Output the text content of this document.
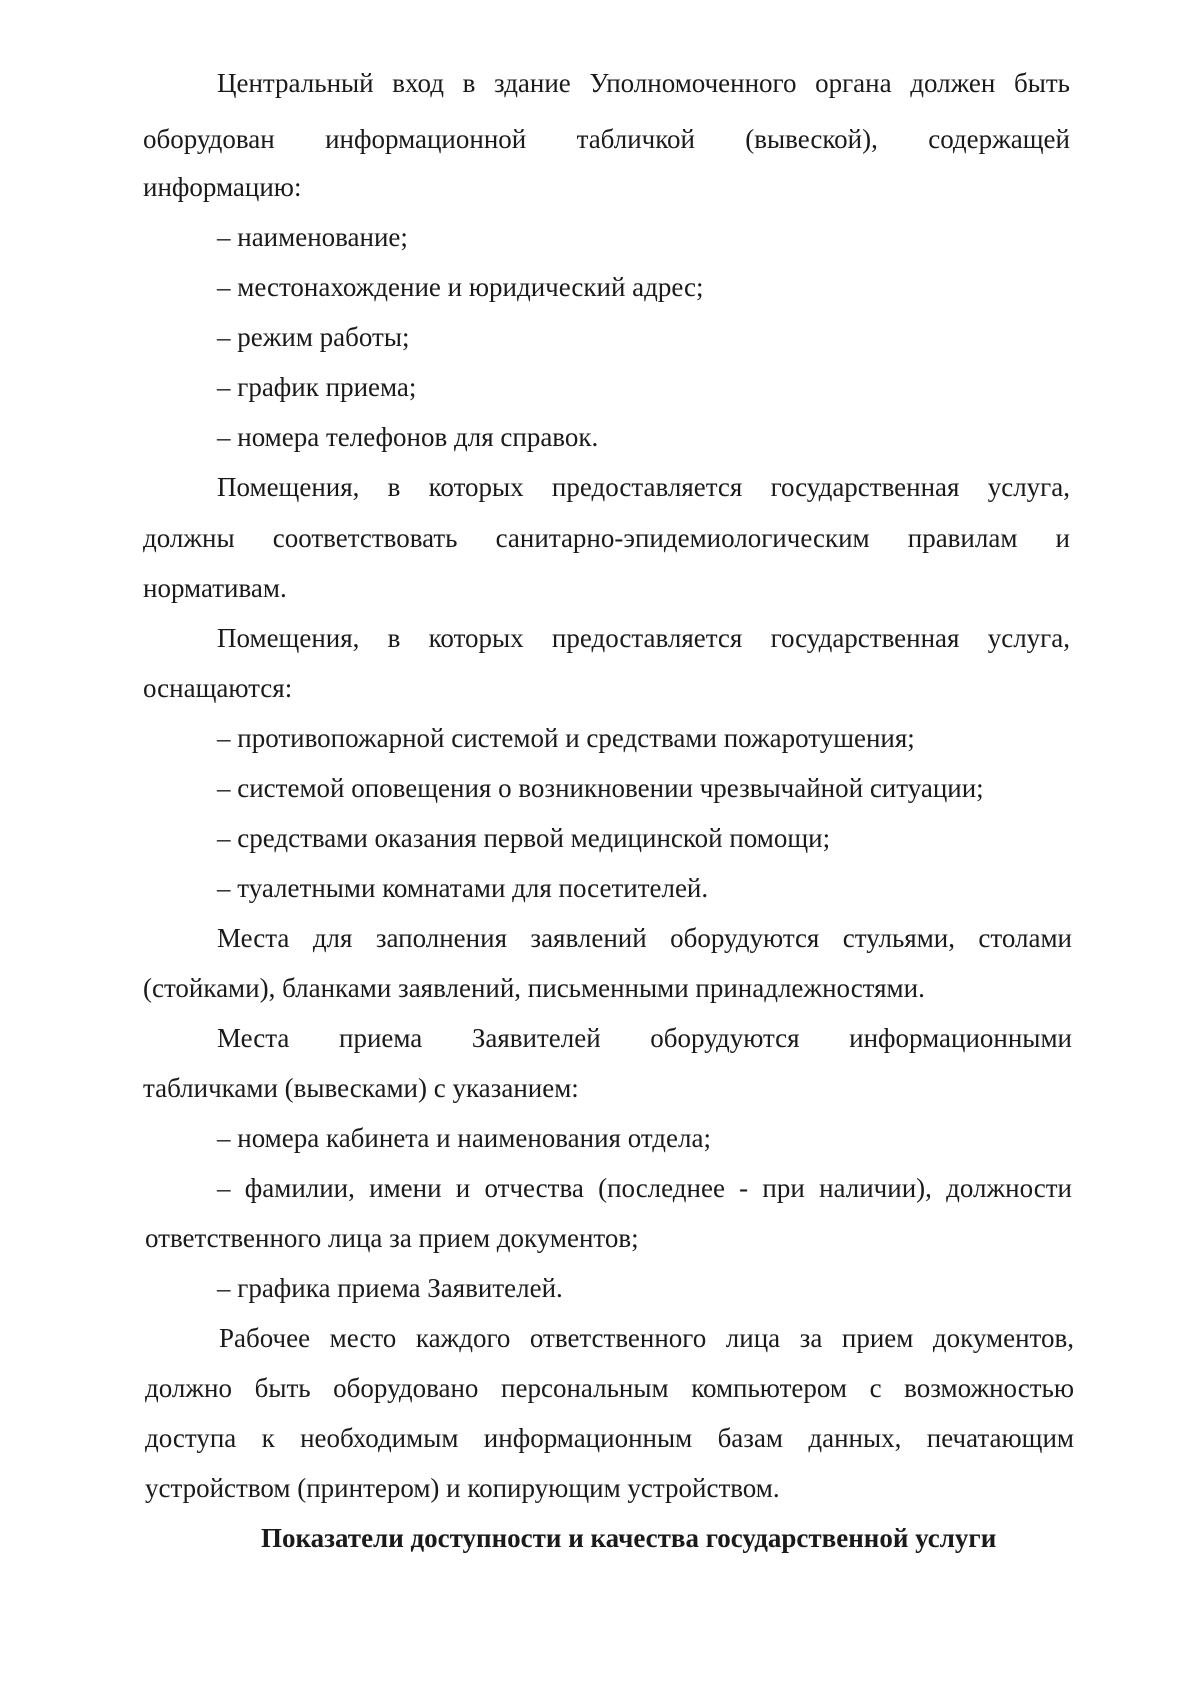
Центральный вход в здание Уполномоченного органа должен быть
оборудован информационной табличкой (вывеской), содержащей
информацию:
– наименование;
– местонахождение и юридический адрес;
– режим работы;
– график приема;
– номера телефонов для справок.
Помещения, в которых предоставляется государственная услуга,
должны соответствовать санитарно-эпидемиологическим правилам и
нормативам.
Помещения, в которых предоставляется государственная услуга,
оснащаются:
– противопожарной системой и средствами пожаротушения;
– системой оповещения о возникновении чрезвычайной ситуации;
– средствами оказания первой медицинской помощи;
– туалетными комнатами для посетителей.
Места для заполнения заявлений оборудуются стульями, столами
(стойками), бланками заявлений, письменными принадлежностями.
Места приема Заявителей оборудуются информационными
табличками (вывесками) с указанием:
– номера кабинета и наименования отдела;
– фамилии, имени и отчества (последнее - при наличии), должности
ответственного лица за прием документов;
– графика приема Заявителей.
Рабочее место каждого ответственного лица за прием документов,
должно быть оборудовано персональным компьютером с возможностью
доступа к необходимым информационным базам данных, печатающим
устройством (принтером) и копирующим устройством.
Показатели доступности и качества государственной услуги
